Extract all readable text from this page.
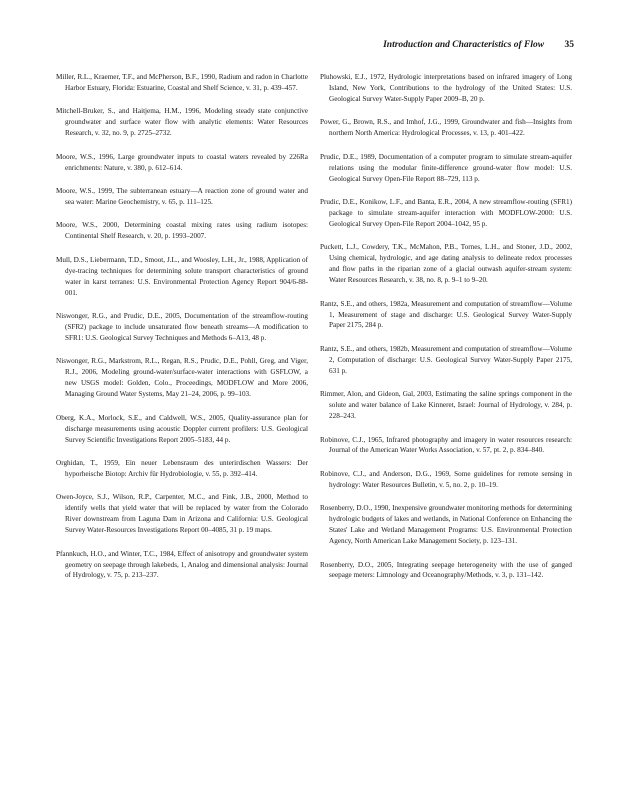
Introduction and Characteristics of Flow 35

Miller, R.L., Kraemer, T.F., and McPherson, B.F., 1990, Radium and radon in Charlotte Harbor Estuary, Florida: Estuarine, Coastal and Shelf Science, v. 31, p. 439–457.

Mitchell-Bruker, S., and Haitjema, H.M., 1996, Modeling steady state conjunctive groundwater and surface water flow with analytic elements: Water Resources Research, v. 32, no. 9, p. 2725–2732.

Moore, W.S., 1996, Large groundwater inputs to coastal waters revealed by 226Ra enrichments: Nature, v. 380, p. 612–614.

Moore, W.S., 1999, The subterranean estuary—A reaction zone of ground water and sea water: Marine Geochemistry, v. 65, p. 111–125.

Moore, W.S., 2000, Determining coastal mixing rates using radium isotopes: Continental Shelf Research, v. 20, p. 1993–2007.

Mull, D.S., Liebermann, T.D., Smoot, J.L., and Woosley, L.H., Jr., 1988, Application of dye-tracing techniques for determining solute transport characteristics of ground water in karst terranes: U.S. Environmental Protection Agency Report 904/6-88-001.

Niswonger, R.G., and Prudic, D.E., 2005, Documentation of the streamflow-routing (SFR2) package to include unsaturated flow beneath streams—A modification to SFR1: U.S. Geological Survey Techniques and Methods 6–A13, 48 p.

Niswonger, R.G., Markstrom, R.L., Regan, R.S., Prudic, D.E., Pohll, Greg, and Viger, R.J., 2006, Modeling ground-water/surface-water interactions with GSFLOW, a new USGS model: Golden, Colo., Proceedings, MODFLOW and More 2006, Managing Ground Water Systems, May 21–24, 2006, p. 99–103.

Oberg, K.A., Morlock, S.E., and Caldwell, W.S., 2005, Quality-assurance plan for discharge measurements using acoustic Doppler current profilers: U.S. Geological Survey Scientific Investigations Report 2005–5183, 44 p.

Orghidan, T., 1959, Ein neuer Lebensraum des unterirdischen Wassers: Der hyporheische Biotop: Archiv für Hydrobiologie, v. 55, p. 392–414.

Owen-Joyce, S.J., Wilson, R.P., Carpenter, M.C., and Fink, J.B., 2000, Method to identify wells that yield water that will be replaced by water from the Colorado River downstream from Laguna Dam in Arizona and California: U.S. Geological Survey Water-Resources Investigations Report 00–4085, 31 p. 19 maps.

Pfannkuch, H.O., and Winter, T.C., 1984, Effect of anisotropy and groundwater system geometry on seepage through lakebeds, 1, Analog and dimensional analysis: Journal of Hydrology, v. 75, p. 213–237.

Pluhowski, E.J., 1972, Hydrologic interpretations based on infrared imagery of Long Island, New York, Contributions to the hydrology of the United States: U.S. Geological Survey Water-Supply Paper 2009–B, 20 p.

Power, G., Brown, R.S., and Imhof, J.G., 1999, Groundwater and fish—Insights from northern North America: Hydrological Processes, v. 13, p. 401–422.

Prudic, D.E., 1989, Documentation of a computer program to simulate stream-aquifer relations using the modular finite-difference ground-water flow model: U.S. Geological Survey Open-File Report 88–729, 113 p.

Prudic, D.E., Konikow, L.F., and Banta, E.R., 2004, A new streamflow-routing (SFR1) package to simulate stream-aquifer interaction with MODFLOW-2000: U.S. Geological Survey Open-File Report 2004–1042, 95 p.

Puckett, L.J., Cowdery, T.K., McMahon, P.B., Tornes, L.H., and Stoner, J.D., 2002, Using chemical, hydrologic, and age dating analysis to delineate redox processes and flow paths in the riparian zone of a glacial outwash aquifer-stream system: Water Resources Research, v. 38, no. 8, p. 9–1 to 9–20.

Rantz, S.E., and others, 1982a, Measurement and computation of streamflow—Volume 1, Measurement of stage and discharge: U.S. Geological Survey Water-Supply Paper 2175, 284 p.

Rantz, S.E., and others, 1982b, Measurement and computation of streamflow—Volume 2, Computation of discharge: U.S. Geological Survey Water-Supply Paper 2175, 631 p.

Rimmer, Alon, and Gideon, Gal, 2003, Estimating the saline springs component in the solute and water balance of Lake Kinneret, Israel: Journal of Hydrology, v. 284, p. 228–243.

Robinove, C.J., 1965, Infrared photography and imagery in water resources research: Journal of the American Water Works Association, v. 57, pt. 2, p. 834–840.

Robinove, C.J., and Anderson, D.G., 1969, Some guidelines for remote sensing in hydrology: Water Resources Bulletin, v. 5, no. 2, p. 10–19.

Rosenberry, D.O., 1990, Inexpensive groundwater monitoring methods for determining hydrologic budgets of lakes and wetlands, in National Conference on Enhancing the States' Lake and Wetland Management Programs: U.S. Environmental Protection Agency, North American Lake Management Society, p. 123–131.

Rosenberry, D.O., 2005, Integrating seepage heterogeneity with the use of ganged seepage meters: Limnology and Oceanography/Methods, v. 3, p. 131–142.
